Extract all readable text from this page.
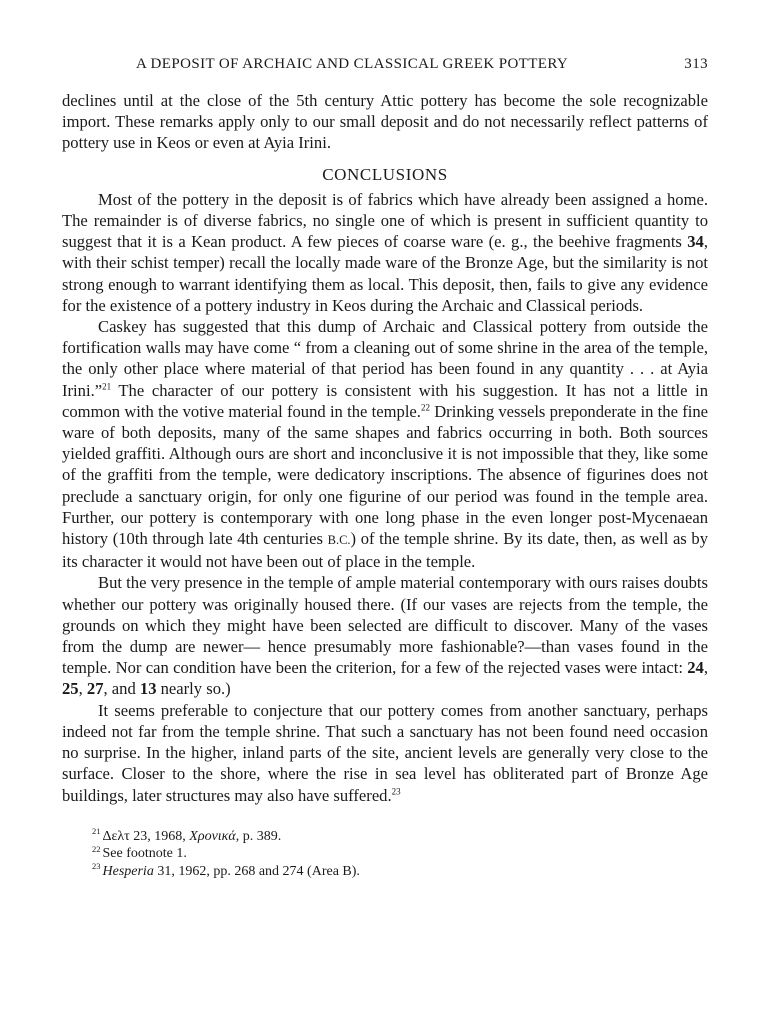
A DEPOSIT OF ARCHAIC AND CLASSICAL GREEK POTTERY	313

declines until at the close of the 5th century Attic pottery has become the sole recognizable import. These remarks apply only to our small deposit and do not necessarily reflect patterns of pottery use in Keos or even at Ayia Irini.

CONCLUSIONS

Most of the pottery in the deposit is of fabrics which have already been assigned a home. The remainder is of diverse fabrics, no single one of which is present in sufficient quantity to suggest that it is a Kean product. A few pieces of coarse ware (e. g., the beehive fragments 34, with their schist temper) recall the locally made ware of the Bronze Age, but the similarity is not strong enough to warrant identifying them as local. This deposit, then, fails to give any evidence for the existence of a pottery industry in Keos during the Archaic and Classical periods.

Caskey has suggested that this dump of Archaic and Classical pottery from outside the fortification walls may have come “ from a cleaning out of some shrine in the area of the temple, the only other place where material of that period has been found in any quantity . . . at Ayia Irini.”$^{21}$ The character of our pottery is consistent with his suggestion. It has not a little in common with the votive material found in the temple.$^{22}$ Drinking vessels preponderate in the fine ware of both deposits, many of the same shapes and fabrics occurring in both. Both sources yielded graffiti. Although ours are short and inconclusive it is not impossible that they, like some of the graffiti from the temple, were dedicatory inscriptions. The absence of figurines does not preclude a sanctuary origin, for only one figurine of our period was found in the temple area. Further, our pottery is contemporary with one long phase in the even longer post-Mycenaean history (10th through late 4th centuries B.C.) of the temple shrine. By its date, then, as well as by its character it would not have been out of place in the temple.

But the very presence in the temple of ample material contemporary with ours raises doubts whether our pottery was originally housed there. (If our vases are rejects from the temple, the grounds on which they might have been selected are difficult to discover. Many of the vases from the dump are newer— hence presumably more fashionable?—than vases found in the temple. Nor can condition have been the criterion, for a few of the rejected vases were intact: 24, 25, 27, and 13 nearly so.)

It seems preferable to conjecture that our pottery comes from another sanctuary, perhaps indeed not far from the temple shrine. That such a sanctuary has not been found need occasion no surprise. In the higher, inland parts of the site, ancient levels are generally very close to the surface. Closer to the shore, where the rise in sea level has obliterated part of Bronze Age buildings, later structures may also have suffered.$^{23}$

$^{21}$ Δελτ 23, 1968, Χρονικά, p. 389.

$^{22}$ See footnote 1.

$^{23}$ Hesperia 31, 1962, pp. 268 and 274 (Area B).
